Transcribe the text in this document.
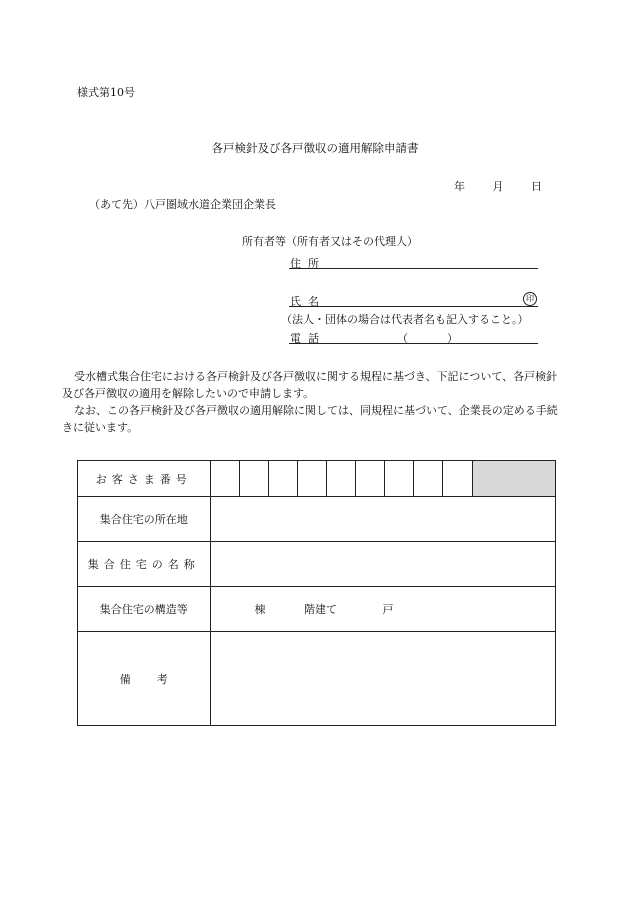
様式第10号
各戸検針及び各戸徴収の適用解除申請書
年	月	日
（あて先）八戸圏域水道企業団企業長
所有者等（所有者又はその代理人）
住所
氏名	印
（法人・団体の場合は代表者名も記入すること。）
電話	（	）

受水槽式集合住宅における各戸検針及び各戸徴収に関する規程に基づき、下記について、各戸検針及び各戸徴収の適用を解除したいので申請します。

なお、この各戸検針及び各戸徴収の適用解除に関しては、同規程に基づいて、企業長の定める手続きに従います。

お客さま番号										
集合住宅の所在地										
集合住宅の名称										
集合住宅の構造等	棟 階建て 戸									
備考										
